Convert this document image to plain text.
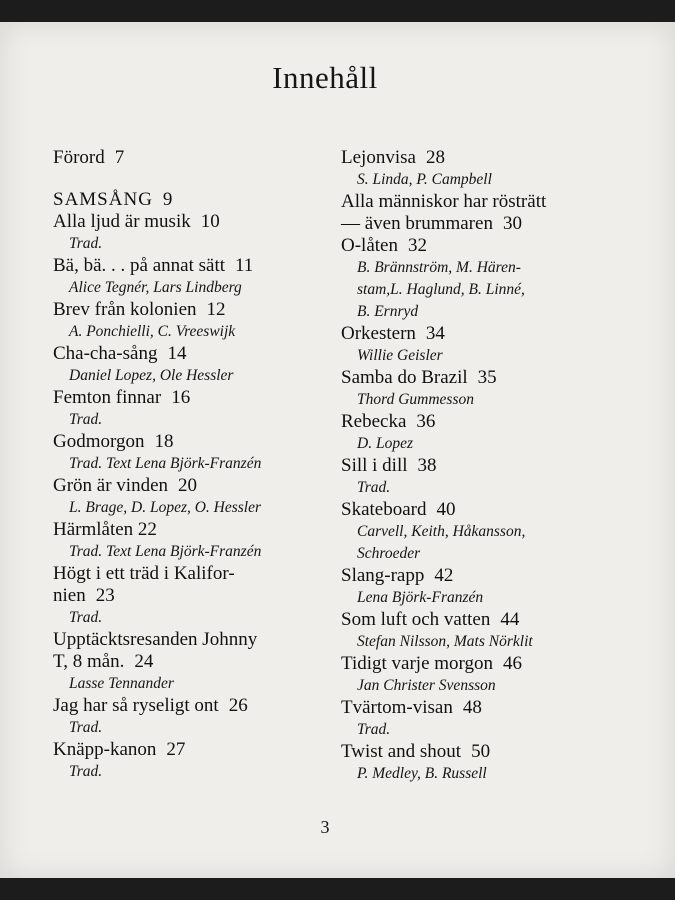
Innehåll
Förord 7
SAMSÅNG 9
Alla ljud är musik 10
Trad.
Bä, bä. . . på annat sätt 11
Alice Tegnér, Lars Lindberg
Brev från kolonien 12
A. Ponchielli, C. Vreeswijk
Cha-cha-sång 14
Daniel Lopez, Ole Hessler
Femton finnar 16
Trad.
Godmorgon 18
Trad. Text Lena Björk-Franzén
Grön är vinden 20
L. Brage, D. Lopez, O. Hessler
Härmlåten 22
Trad. Text Lena Björk-Franzén
Högt i ett träd i Kalifor-
nien 23
Trad.
Upptäcktsresanden Johnny
T, 8 mån. 24
Lasse Tennander
Jag har så ryseligt ont 26
Trad.
Knäpp-kanon 27
Trad.
Lejonvisa 28
S. Linda, P. Campbell
Alla människor har rösträtt
— även brummaren 30
O-låten 32
B. Brännström, M. Hären-
stam,L. Haglund, B. Linné,
B. Ernryd
Orkestern 34
Willie Geisler
Samba do Brazil 35
Thord Gummesson
Rebecka 36
D. Lopez
Sill i dill 38
Trad.
Skateboard 40
Carvell, Keith, Håkansson,
Schroeder
Slang-rapp 42
Lena Björk-Franzén
Som luft och vatten 44
Stefan Nilsson, Mats Nörklit
Tidigt varje morgon 46
Jan Christer Svensson
Tvärtom-visan 48
Trad.
Twist and shout 50
P. Medley, B. Russell
3
